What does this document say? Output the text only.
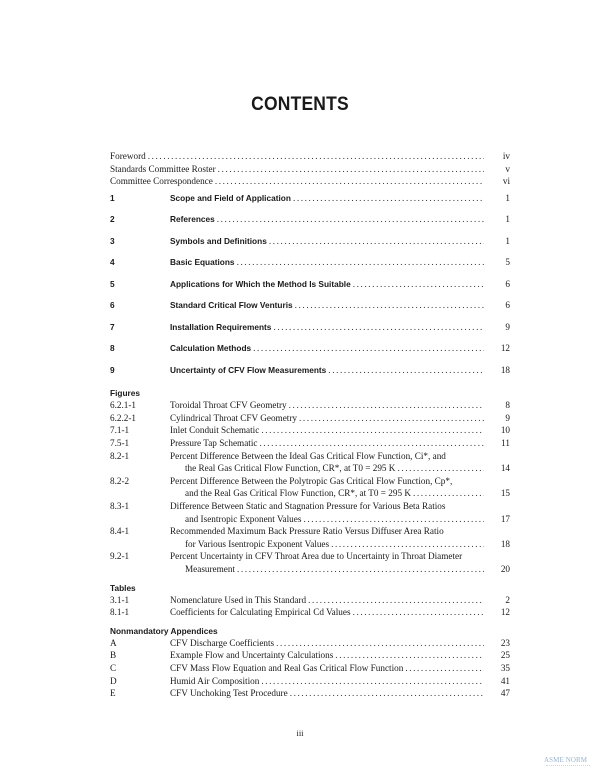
CONTENTS
Foreword .....	iv
Standards Committee Roster .....	v
Committee Correspondence .....	vi
1	Scope and Field of Application .....	1
2	References .....	1
3	Symbols and Definitions .....	1
4	Basic Equations .....	5
5	Applications for Which the Method Is Suitable .....	6
6	Standard Critical Flow Venturis .....	6
7	Installation Requirements .....	9
8	Calculation Methods .....	12
9	Uncertainty of CFV Flow Measurements .....	18
Figures
6.2.1-1	Toroidal Throat CFV Geometry .....	8
6.2.2-1	Cylindrical Throat CFV Geometry .....	9
7.1-1	Inlet Conduit Schematic .....	10
7.5-1	Pressure Tap Schematic .....	11
8.2-1	Percent Difference Between the Ideal Gas Critical Flow Function, Ci*, and
the Real Gas Critical Flow Function, CR*, at T0 = 295 K .....	14
8.2-2	Percent Difference Between the Polytropic Gas Critical Flow Function, Cp*,
and the Real Gas Critical Flow Function, CR*, at T0 = 295 K .....	15
8.3-1	Difference Between Static and Stagnation Pressure for Various Beta Ratios
and Isentropic Exponent Values .....	17
8.4-1	Recommended Maximum Back Pressure Ratio Versus Diffuser Area Ratio
for Various Isentropic Exponent Values .....	18
9.2-1	Percent Uncertainty in CFV Throat Area due to Uncertainty in Throat Diameter
Measurement .....	20
Tables
3.1-1	Nomenclature Used in This Standard .....	2
8.1-1	Coefficients for Calculating Empirical Cd Values .....	12
Nonmandatory Appendices
A	CFV Discharge Coefficients .....	23
B	Example Flow and Uncertainty Calculations .....	25
C	CFV Mass Flow Equation and Real Gas Critical Flow Function .....	35
D	Humid Air Composition .....	41
E	CFV Unchoking Test Procedure .....	47
iii
ASME NORM
